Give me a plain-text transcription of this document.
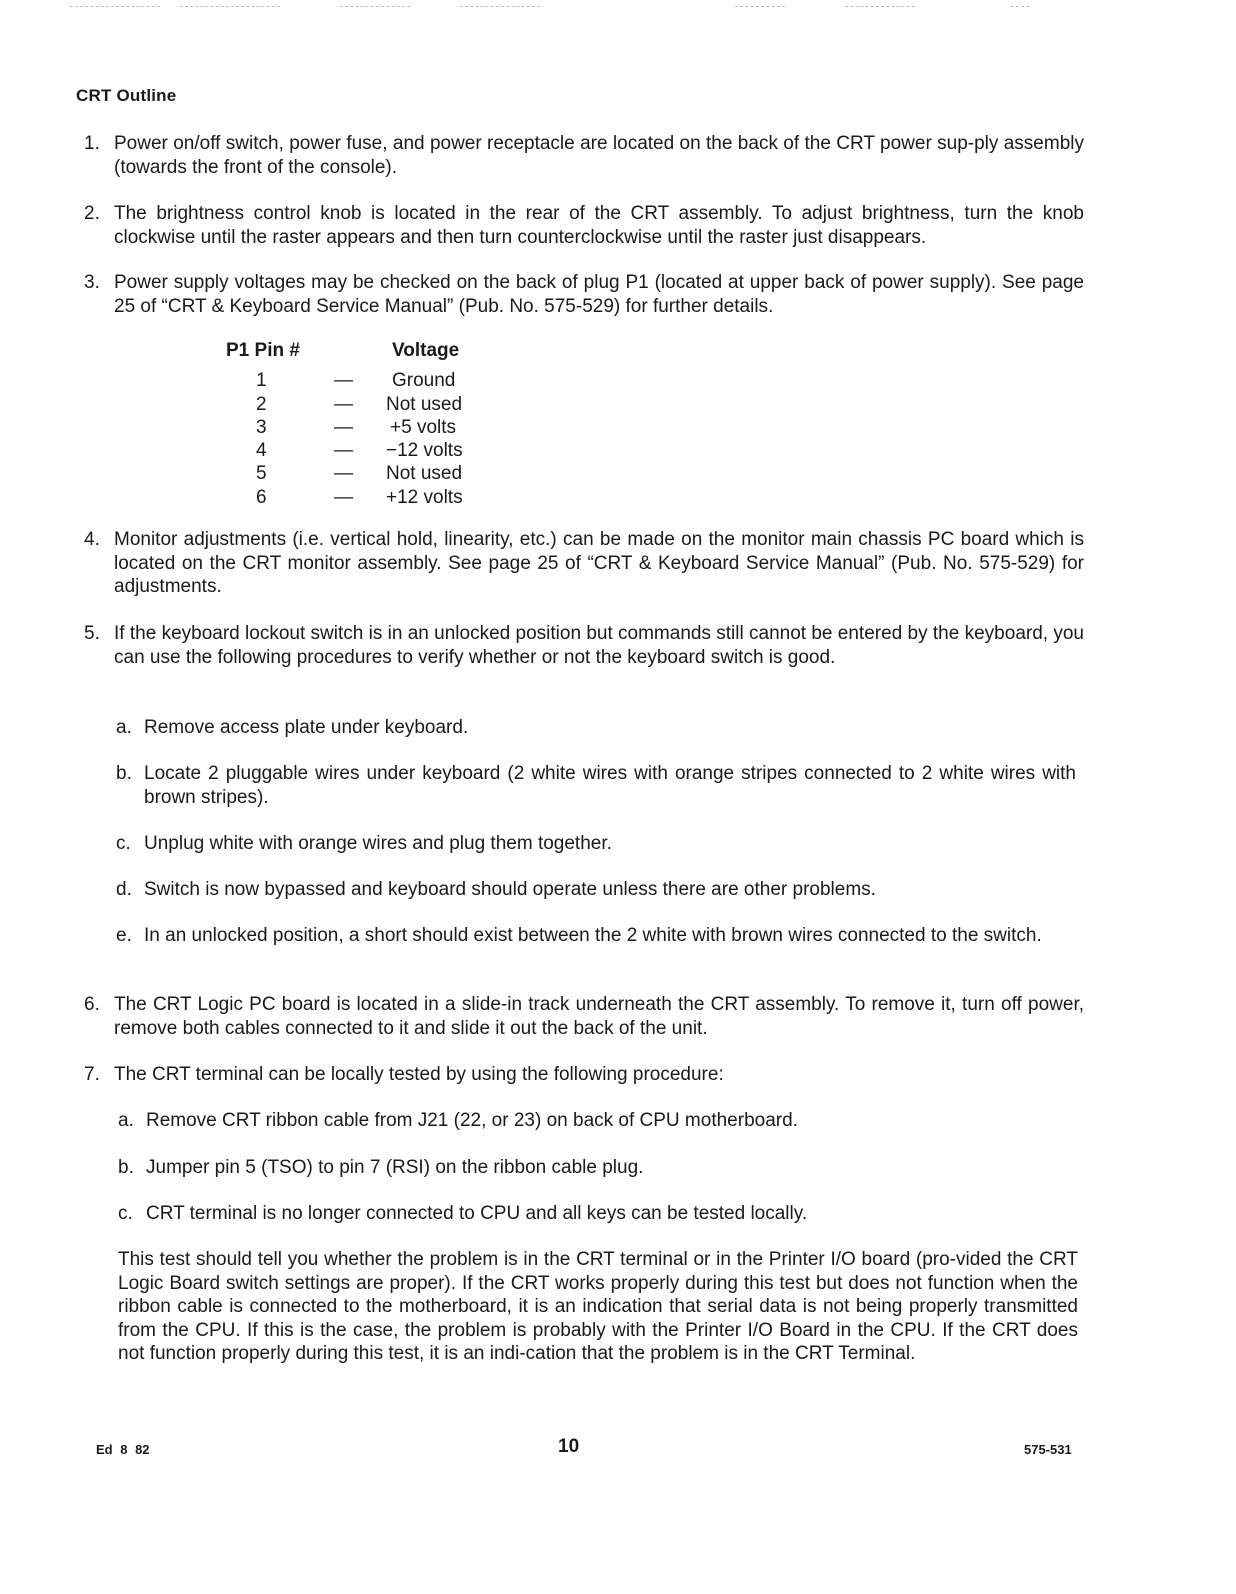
CRT Outline
1. Power on/off switch, power fuse, and power receptacle are located on the back of the CRT power sup-ply assembly (towards the front of the console).
2. The brightness control knob is located in the rear of the CRT assembly. To adjust brightness, turn the knob clockwise until the raster appears and then turn counterclockwise until the raster just disappears.
3. Power supply voltages may be checked on the back of plug P1 (located at upper back of power supply). See page 25 of “CRT & Keyboard Service Manual” (Pub. No. 575-529) for further details.
P1 Pin #	Voltage
1	— Ground
2	— Not used
3	— +5 volts
4	— −12 volts
5	— Not used
6	— +12 volts
4. Monitor adjustments (i.e. vertical hold, linearity, etc.) can be made on the monitor main chassis PC board which is located on the CRT monitor assembly. See page 25 of “CRT & Keyboard Service Manual” (Pub. No. 575-529) for adjustments.
5. If the keyboard lockout switch is in an unlocked position but commands still cannot be entered by the keyboard, you can use the following procedures to verify whether or not the keyboard switch is good.
a. Remove access plate under keyboard.
b. Locate 2 pluggable wires under keyboard (2 white wires with orange stripes connected to 2 white wires with brown stripes).
c. Unplug white with orange wires and plug them together.
d. Switch is now bypassed and keyboard should operate unless there are other problems.
e. In an unlocked position, a short should exist between the 2 white with brown wires connected to the switch.
6. The CRT Logic PC board is located in a slide-in track underneath the CRT assembly. To remove it, turn off power, remove both cables connected to it and slide it out the back of the unit.
7. The CRT terminal can be locally tested by using the following procedure:
a. Remove CRT ribbon cable from J21 (22, or 23) on back of CPU motherboard.
b. Jumper pin 5 (TSO) to pin 7 (RSI) on the ribbon cable plug.
c. CRT terminal is no longer connected to CPU and all keys can be tested locally.
This test should tell you whether the problem is in the CRT terminal or in the Printer I/O board (pro-vided the CRT Logic Board switch settings are proper). If the CRT works properly during this test but does not function when the ribbon cable is connected to the motherboard, it is an indication that serial data is not being properly transmitted from the CPU. If this is the case, the problem is probably with the Printer I/O Board in the CPU. If the CRT does not function properly during this test, it is an indi-cation that the problem is in the CRT Terminal.
Ed 8 82	10	575-531
